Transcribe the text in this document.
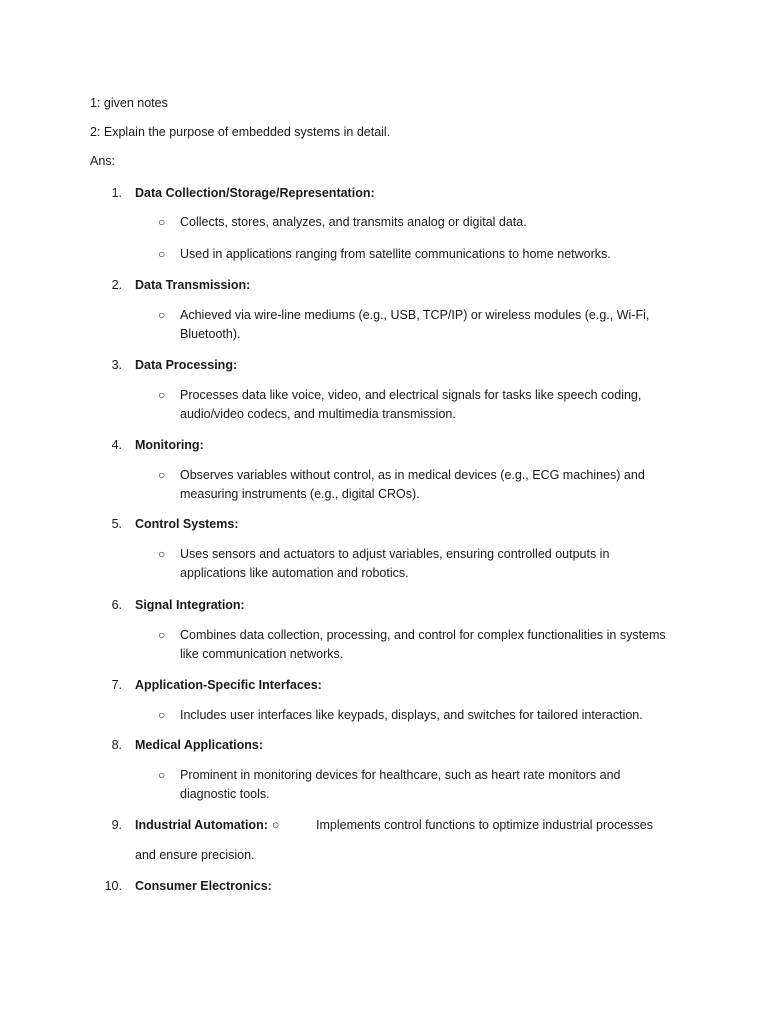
1: given notes
2: Explain the purpose of embedded systems in detail.
Ans:
1. Data Collection/Storage/Representation:
○ Collects, stores, analyzes, and transmits analog or digital data.
○ Used in applications ranging from satellite communications to home networks.
2. Data Transmission:
○ Achieved via wire-line mediums (e.g., USB, TCP/IP) or wireless modules (e.g., Wi-Fi, Bluetooth).
3. Data Processing:
○ Processes data like voice, video, and electrical signals for tasks like speech coding, audio/video codecs, and multimedia transmission.
4. Monitoring:
○ Observes variables without control, as in medical devices (e.g., ECG machines) and measuring instruments (e.g., digital CROs).
5. Control Systems:
○ Uses sensors and actuators to adjust variables, ensuring controlled outputs in applications like automation and robotics.
6. Signal Integration:
○ Combines data collection, processing, and control for complex functionalities in systems like communication networks.
7. Application-Specific Interfaces:
○ Includes user interfaces like keypads, displays, and switches for tailored interaction.
8. Medical Applications:
○ Prominent in monitoring devices for healthcare, such as heart rate monitors and diagnostic tools.
9. Industrial Automation: ○	Implements control functions to optimize industrial processes
and ensure precision.
10. Consumer Electronics:
